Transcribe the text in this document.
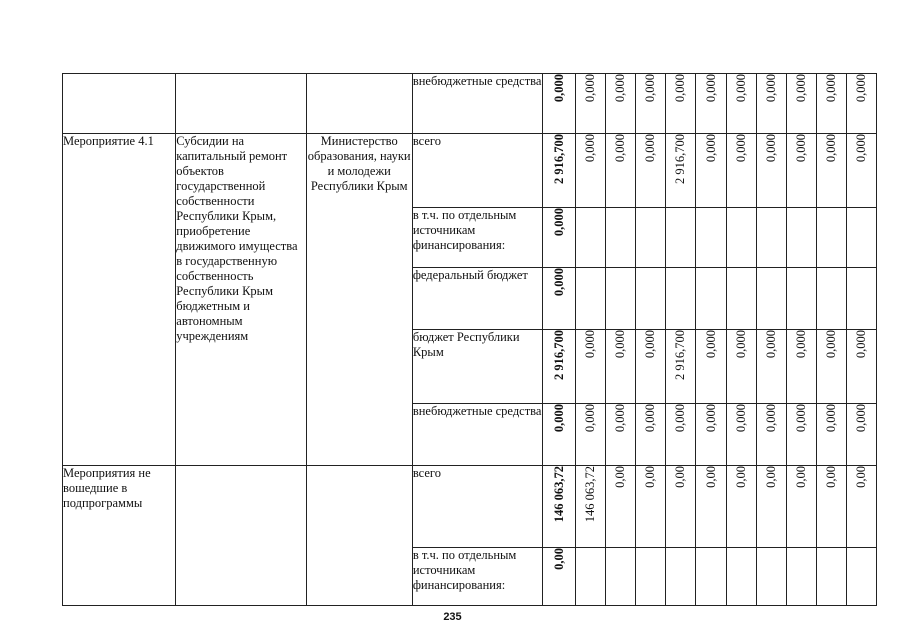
			внебюджетные средства	0,000	0,000	0,000	0,000	0,000	0,000	0,000	0,000	0,000	0,000	0,000
Мероприятие 4.1	Субсидии на капитальный ремонт объектов государственной собственности Республики Крым, приобретение движимого имущества в государственную собственность Республики Крым бюджетным и автономным учреждениям	Министерство образования, науки и молодежи Республики Крым	всего	2 916,700	0,000	0,000	0,000	2 916,700	0,000	0,000	0,000	0,000	0,000	0,000
			в т.ч. по отдельным источникам финансирования:	0,000										
			федеральный бюджет	0,000										
			бюджет Республики Крым	2 916,700	0,000	0,000	0,000	2 916,700	0,000	0,000	0,000	0,000	0,000	0,000
			внебюджетные средства	0,000	0,000	0,000	0,000	0,000	0,000	0,000	0,000	0,000	0,000	0,000
Мероприятия не вошедшие в подпрограммы			всего	146 063,72	146 063,72	0,00	0,00	0,00	0,00	0,00	0,00	0,00	0,00	0,00
			в т.ч. по отдельным источникам финансирования:	0,00										
235
